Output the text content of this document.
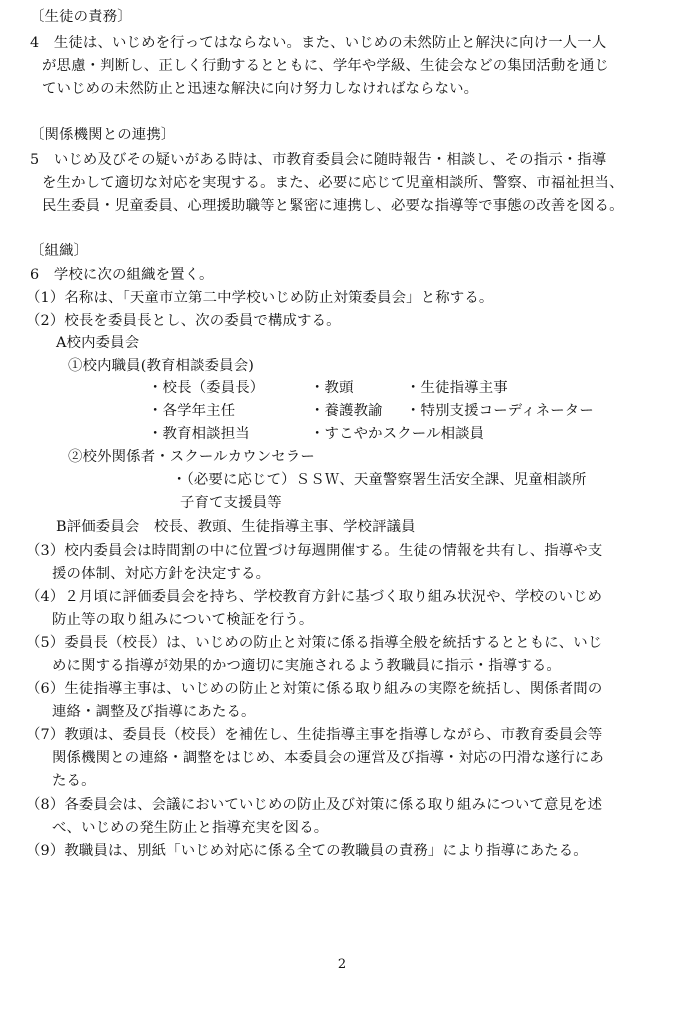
〔生徒の責務〕

4　生徒は、いじめを行ってはならない。また、いじめの未然防止と解決に向け一人一人

が思慮・判断し、正しく行動するとともに、学年や学級、生徒会などの集団活動を通じ

ていじめの未然防止と迅速な解決に向け努力しなければならない。

〔関係機関との連携〕

5　いじめ及びその疑いがある時は、市教育委員会に随時報告・相談し、その指示・指導

を生かして適切な対応を実現する。また、必要に応じて児童相談所、警察、市福祉担当、

民生委員・児童委員、心理援助職等と緊密に連携し、必要な指導等で事態の改善を図る。

〔組織〕

6　学校に次の組織を置く。

（1）名称は、「天童市立第二中学校いじめ防止対策委員会」と称する。

（2）校長を委員長とし、次の委員で構成する。

A校内委員会

①校内職員(教育相談委員会)

・校長（委員長）	・教頭	・生徒指導主事

・各学年主任	・養護教諭 ・特別支援コーディネーター

・教育相談担当	・すこやかスクール相談員

②校外関係者・スクールカウンセラー

・（必要に応じて）ＳＳＷ、天童警察署生活安全課、児童相談所

子育て支援員等

B評価委員会　校長、教頭、生徒指導主事、学校評議員

（3）校内委員会は時間割の中に位置づけ毎週開催する。生徒の情報を共有し、指導や支

援の体制、対応方針を決定する。

（4）２月頃に評価委員会を持ち、学校教育方針に基づく取り組み状況や、学校のいじめ

防止等の取り組みについて検証を行う。

（5）委員長（校長）は、いじめの防止と対策に係る指導全般を統括するとともに、いじ

めに関する指導が効果的かつ適切に実施されるよう教職員に指示・指導する。

（6）生徒指導主事は、いじめの防止と対策に係る取り組みの実際を統括し、関係者間の

連絡・調整及び指導にあたる。

（7）教頭は、委員長（校長）を補佐し、生徒指導主事を指導しながら、市教育委員会等

関係機関との連絡・調整をはじめ、本委員会の運営及び指導・対応の円滑な遂行にあ

たる。

（8）各委員会は、会議においていじめの防止及び対策に係る取り組みについて意見を述

べ、いじめの発生防止と指導充実を図る。

（9）教職員は、別紙「いじめ対応に係る全ての教職員の責務」により指導にあたる。

2
